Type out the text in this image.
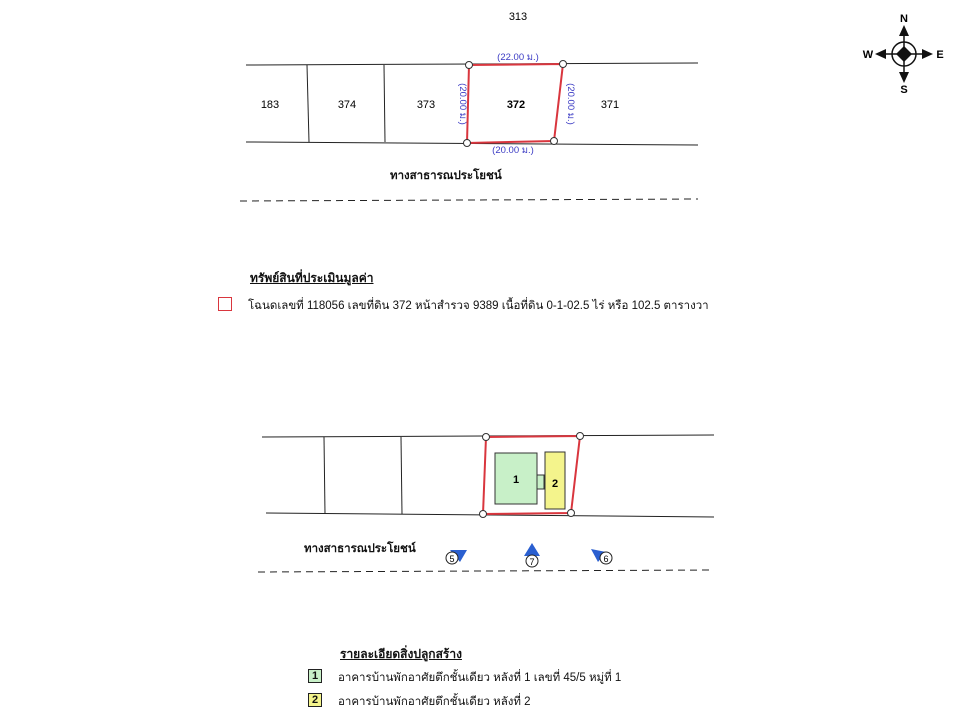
313
183	374	373	372	371
(22.00 ม.)
(20.00 ม.)
(20.00 ม.)	(20.00 ม.)
N
S
E
W
1	2
5	7	6
ทางสาธารณประโยชน์
ทรัพย์สินที่ประเมินมูลค่า
โฉนดเลขที่ 118056 เลขที่ดิน 372 หน้าสำรวจ 9389 เนื้อที่ดิน 0-1-02.5 ไร่ หรือ 102.5 ตารางวา
ทางสาธารณประโยชน์
รายละเอียดสิ่งปลูกสร้าง
1	อาคารบ้านพักอาศัยตึกชั้นเดียว หลังที่ 1 เลขที่ 45/5 หมู่ที่ 1
2	อาคารบ้านพักอาศัยตึกชั้นเดียว หลังที่ 2
